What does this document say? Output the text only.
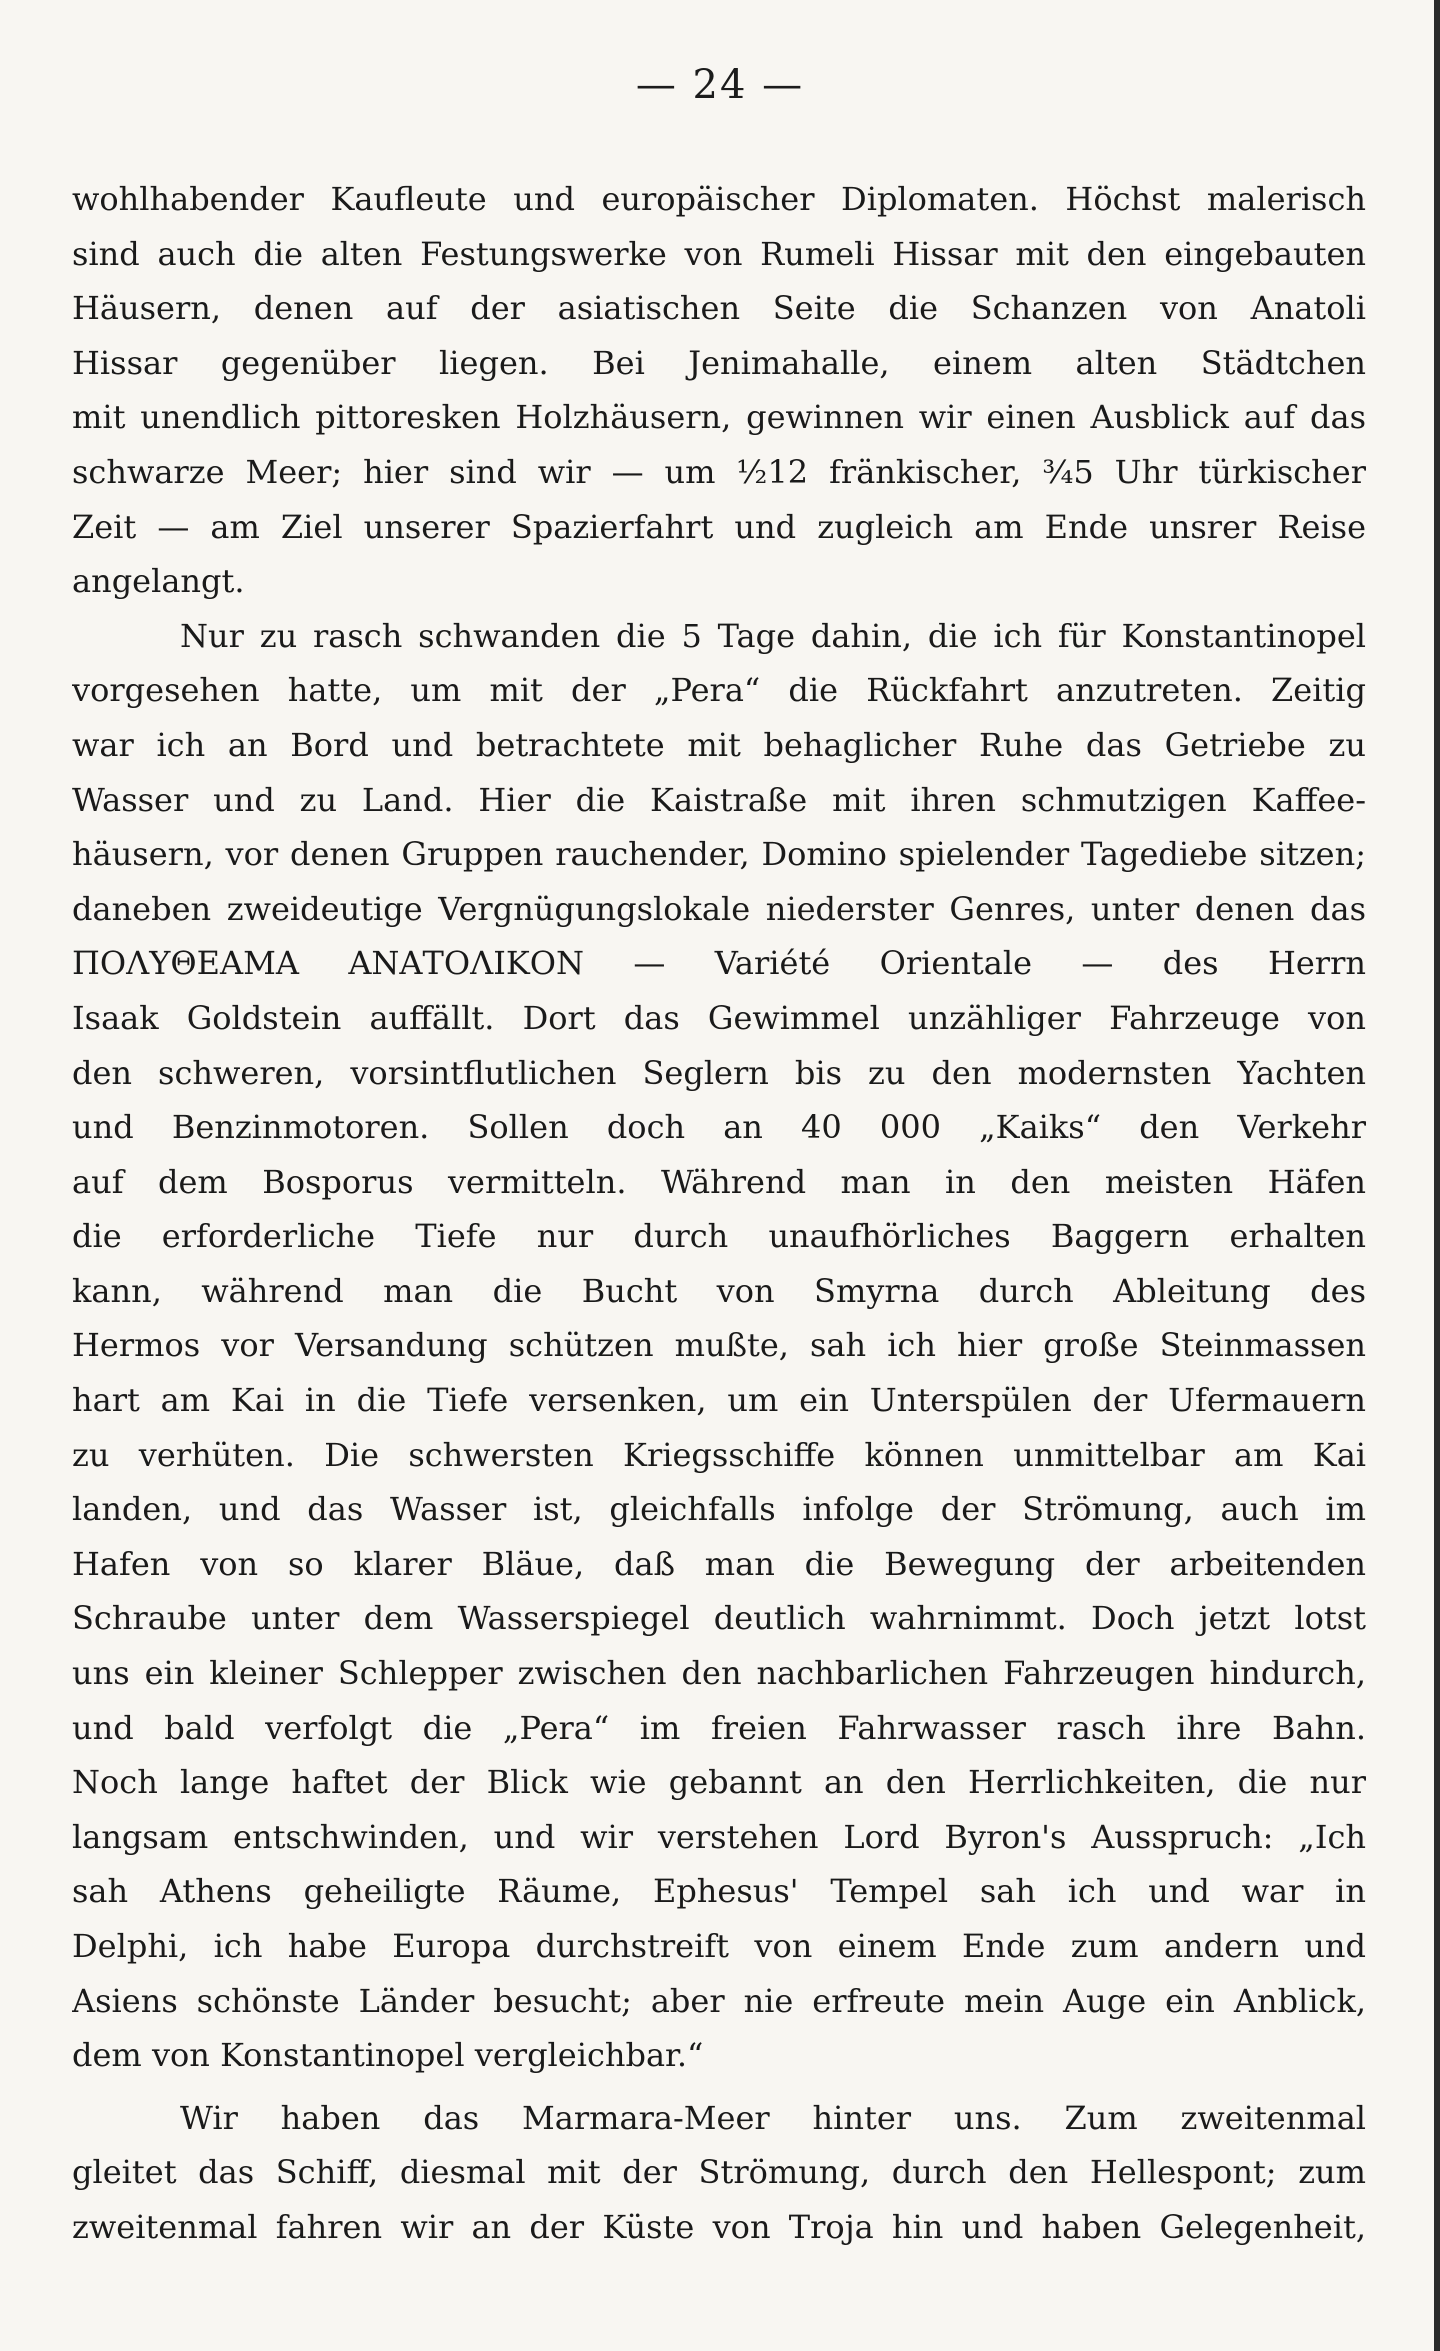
— 24 —
wohlhabender Kaufleute und europäischer Diplomaten. Höchst malerisch
sind auch die alten Festungswerke von Rumeli Hissar mit den eingebauten
Häusern, denen auf der asiatischen Seite die Schanzen von Anatoli
Hissar gegenüber liegen. Bei Jenimahalle, einem alten Städtchen
mit unendlich pittoresken Holzhäusern, gewinnen wir einen Ausblick auf das
schwarze Meer; hier sind wir — um ½12 fränkischer, ¾5 Uhr türkischer
Zeit — am Ziel unserer Spazierfahrt und zugleich am Ende unsrer Reise
angelangt.
Nur zu rasch schwanden die 5 Tage dahin, die ich für Konstantinopel
vorgesehen hatte, um mit der „Pera“ die Rückfahrt anzutreten. Zeitig
war ich an Bord und betrachtete mit behaglicher Ruhe das Getriebe zu
Wasser und zu Land. Hier die Kaistraße mit ihren schmutzigen Kaffee-
häusern, vor denen Gruppen rauchender, Domino spielender Tagediebe sitzen;
daneben zweideutige Vergnügungslokale niederster Genres, unter denen das
ΠΟΛΥΘΕΑΜΑ ΑΝΑΤΟΛΙΚΟΝ — Variété Orientale — des Herrn
Isaak Goldstein auffällt. Dort das Gewimmel unzähliger Fahrzeuge von
den schweren, vorsintflutlichen Seglern bis zu den modernsten Yachten
und Benzinmotoren. Sollen doch an 40 000 „Kaiks“ den Verkehr
auf dem Bosporus vermitteln. Während man in den meisten Häfen
die erforderliche Tiefe nur durch unaufhörliches Baggern erhalten
kann, während man die Bucht von Smyrna durch Ableitung des
Hermos vor Versandung schützen mußte, sah ich hier große Steinmassen
hart am Kai in die Tiefe versenken, um ein Unterspülen der Ufermauern
zu verhüten. Die schwersten Kriegsschiffe können unmittelbar am Kai
landen, und das Wasser ist, gleichfalls infolge der Strömung, auch im
Hafen von so klarer Bläue, daß man die Bewegung der arbeitenden
Schraube unter dem Wasserspiegel deutlich wahrnimmt. Doch jetzt lotst
uns ein kleiner Schlepper zwischen den nachbarlichen Fahrzeugen hindurch,
und bald verfolgt die „Pera“ im freien Fahrwasser rasch ihre Bahn.
Noch lange haftet der Blick wie gebannt an den Herrlichkeiten, die nur
langsam entschwinden, und wir verstehen Lord Byron's Ausspruch: „Ich
sah Athens geheiligte Räume, Ephesus' Tempel sah ich und war in
Delphi, ich habe Europa durchstreift von einem Ende zum andern und
Asiens schönste Länder besucht; aber nie erfreute mein Auge ein Anblick,
dem von Konstantinopel vergleichbar.“
Wir haben das Marmara-Meer hinter uns. Zum zweitenmal
gleitet das Schiff, diesmal mit der Strömung, durch den Hellespont; zum
zweitenmal fahren wir an der Küste von Troja hin und haben Gelegenheit,
